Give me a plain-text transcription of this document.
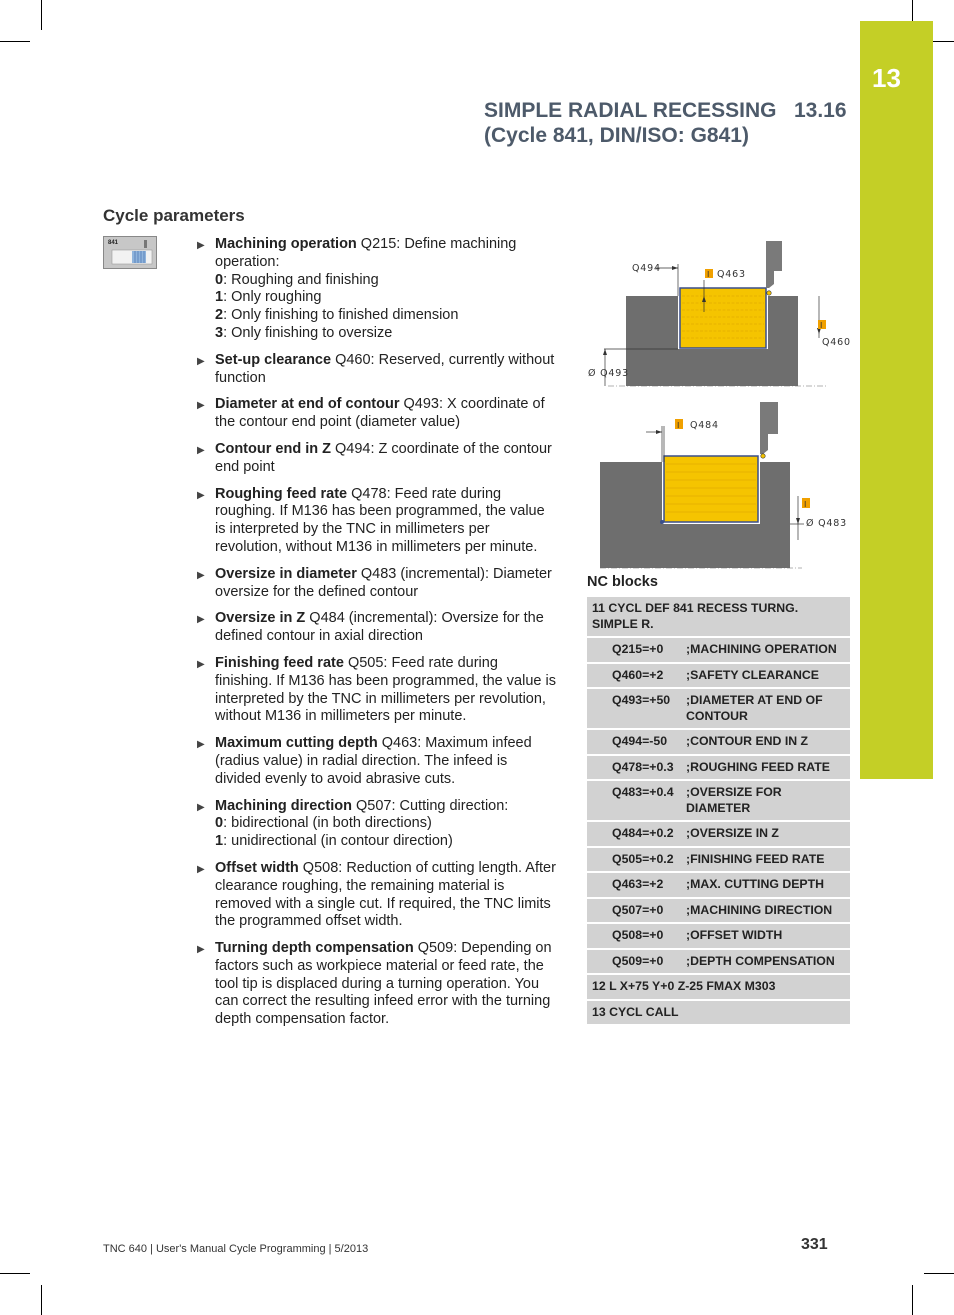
13
SIMPLE RADIAL RECESSING   13.16
(Cycle 841, DIN/ISO: G841)
Cycle parameters
841	▶ Machining operation Q215: Define machining operation:
0: Roughing and finishing
1: Only roughing
2: Only finishing to finished dimension
3: Only finishing to oversize
▶ Set-up clearance Q460: Reserved, currently without function
▶ Diameter at end of contour Q493: X coordinate of the contour end point (diameter value)
▶ Contour end in Z Q494: Z coordinate of the contour end point
▶ Roughing feed rate Q478: Feed rate during roughing. If M136 has been programmed, the value is interpreted by the TNC in millimeters per revolution, without M136 in millimeters per minute.
▶ Oversize in diameter Q483 (incremental): Diameter oversize for the defined contour
▶ Oversize in Z Q484 (incremental): Oversize for the defined contour in axial direction
▶ Finishing feed rate Q505: Feed rate during finishing. If M136 has been programmed, the value is interpreted by the TNC in millimeters per revolution, without M136 in millimeters per minute.
▶ Maximum cutting depth Q463: Maximum infeed (radius value) in radial direction. The infeed is divided evenly to avoid abrasive cuts.
▶ Machining direction Q507: Cutting direction:
0: bidirectional (in both directions)
1: unidirectional (in contour direction)
▶ Offset width Q508: Reduction of cutting length. After clearance roughing, the remaining material is removed with a single cut. If required, the TNC limits the programmed offset width.
▶ Turning depth compensation Q509: Depending on factors such as workpiece material or feed rate, the tool tip is displaced during a turning operation. You can correct the resulting infeed error with the turning depth compensation factor.
I
I
Q494
Q463
Q460
Ø Q493
I
I
Q484
Ø Q483
NC blocks
11 CYCL DEF 841 RECESS TURNG. SIMPLE R.
Q215=+0	;MACHINING OPERATION
Q460=+2	;SAFETY CLEARANCE
Q493=+50	;DIAMETER AT END OF CONTOUR
Q494=-50	;CONTOUR END IN Z
Q478=+0.3	;ROUGHING FEED RATE
Q483=+0.4	;OVERSIZE FOR DIAMETER
Q484=+0.2	;OVERSIZE IN Z
Q505=+0.2	;FINISHING FEED RATE
Q463=+2	;MAX. CUTTING DEPTH
Q507=+0	;MACHINING DIRECTION
Q508=+0	;OFFSET WIDTH
Q509=+0	;DEPTH COMPENSATION
12 L X+75 Y+0 Z-25 FMAX M303
13 CYCL CALL
TNC 640 | User's Manual Cycle Programming | 5/2013	331
